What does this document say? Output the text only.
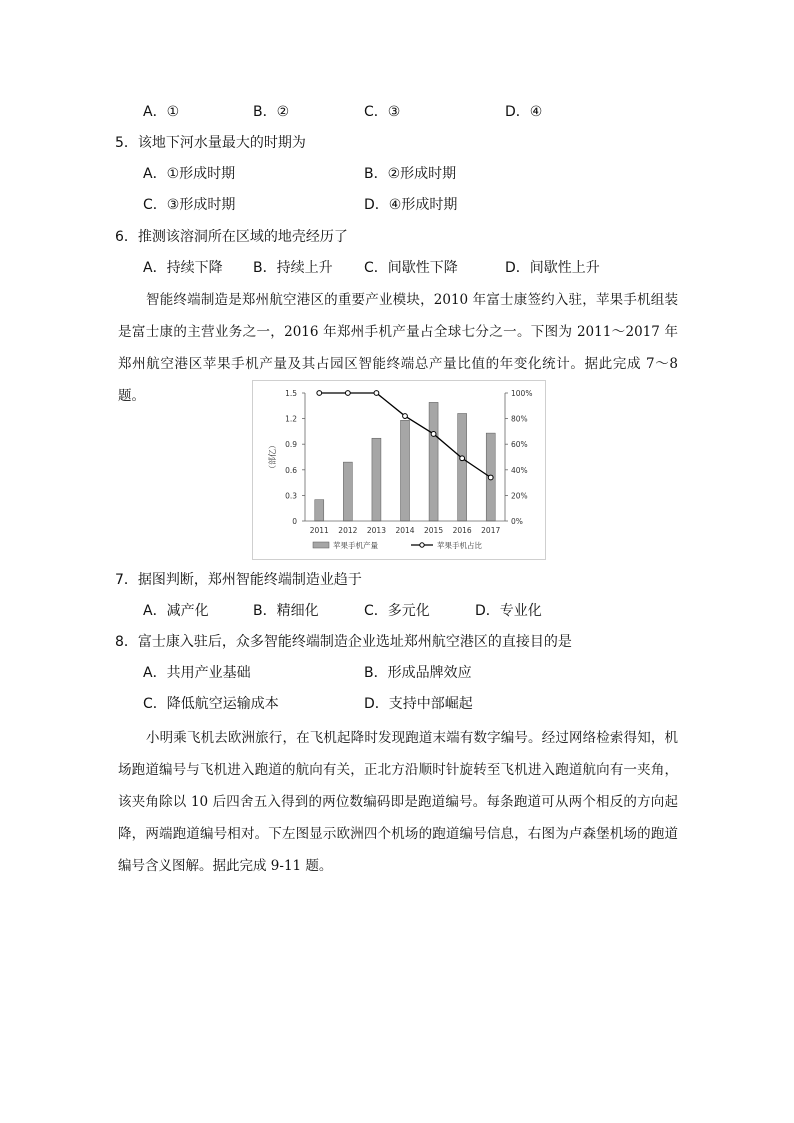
A．①	B．②	C．③	D．④
5．该地下河水量最大的时期为
A．①形成时期	B．②形成时期
C．③形成时期	D．④形成时期
6．推测该溶洞所在区域的地壳经历了
A．持续下降 B．持续上升 C．间歇性下降	D．间歇性上升

智能终端制造是郑州航空港区的重要产业模块，2010 年富士康签约入驻，苹果手机组装是富士康的主营业务之一，2016 年郑州手机产量占全球七分之一。下图为 2011～2017 年郑州航空港区苹果手机产量及其占园区智能终端总产量比值的年变化统计。据此完成 7～8 题。

0
0.3
0.6
0.9
1.2
1.5
0%
20%
40%
60%
80%
100%
（部亿）
2011 2012 2013 2014 2015 2016 2017
苹果手机产量	苹果手机占比
7．据图判断，郑州智能终端制造业趋于
A．减产化	B．精细化	C．多元化	D．专业化
8．富士康入驻后，众多智能终端制造企业选址郑州航空港区的直接目的是
A．共用产业基础	B．形成品牌效应
C．降低航空运输成本	D．支持中部崛起

小明乘飞机去欧洲旅行，在飞机起降时发现跑道末端有数字编号。经过网络检索得知，机场跑道编号与飞机进入跑道的航向有关，正北方沿顺时针旋转至飞机进入跑道航向有一夹角，该夹角除以 10 后四舍五入得到的两位数编码即是跑道编号。每条跑道可从两个相反的方向起降，两端跑道编号相对。下左图显示欧洲四个机场的跑道编号信息，右图为卢森堡机场的跑道编号含义图解。据此完成 9-11 题。
